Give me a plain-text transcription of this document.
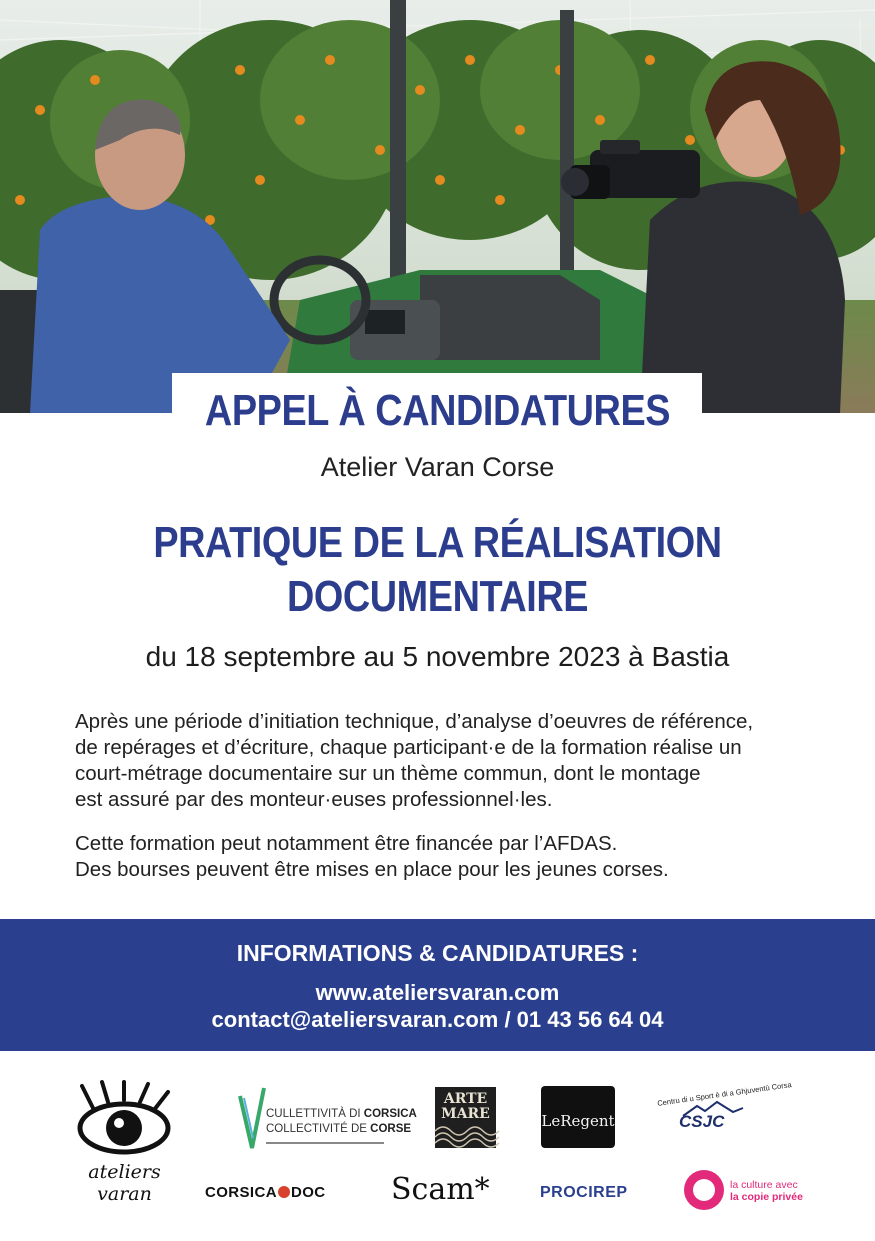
APPEL À CANDIDATURES
Atelier Varan Corse
PRATIQUE DE LA RÉALISATION
DOCUMENTAIRE
du 18 septembre au 5 novembre 2023 à Bastia
Après une période d’initiation technique, d’analyse d’oeuvres de référence,
de repérages et d’écriture, chaque participant·e de la formation réalise un
court-métrage documentaire sur un thème commun, dont le montage
est assuré par des monteur·euses professionnel·les.
Cette formation peut notamment être financée par l’AFDAS.
Des bourses peuvent être mises en place pour les jeunes corses.
INFORMATIONS & CANDIDATURES :
www.ateliersvaran.com
contact@ateliersvaran.com / 01 43 56 64 04
ateliers
varan
CULLETTIVITÀ DI CORSICA
COLLECTIVITÉ DE CORSE
ARTE
MARE	LeRegent
Centru di u Sport è di a Ghjuventù Corsa
CSJC
CORSICA DOC Scam*	PROCIREP	la culture avec
la copie privée
